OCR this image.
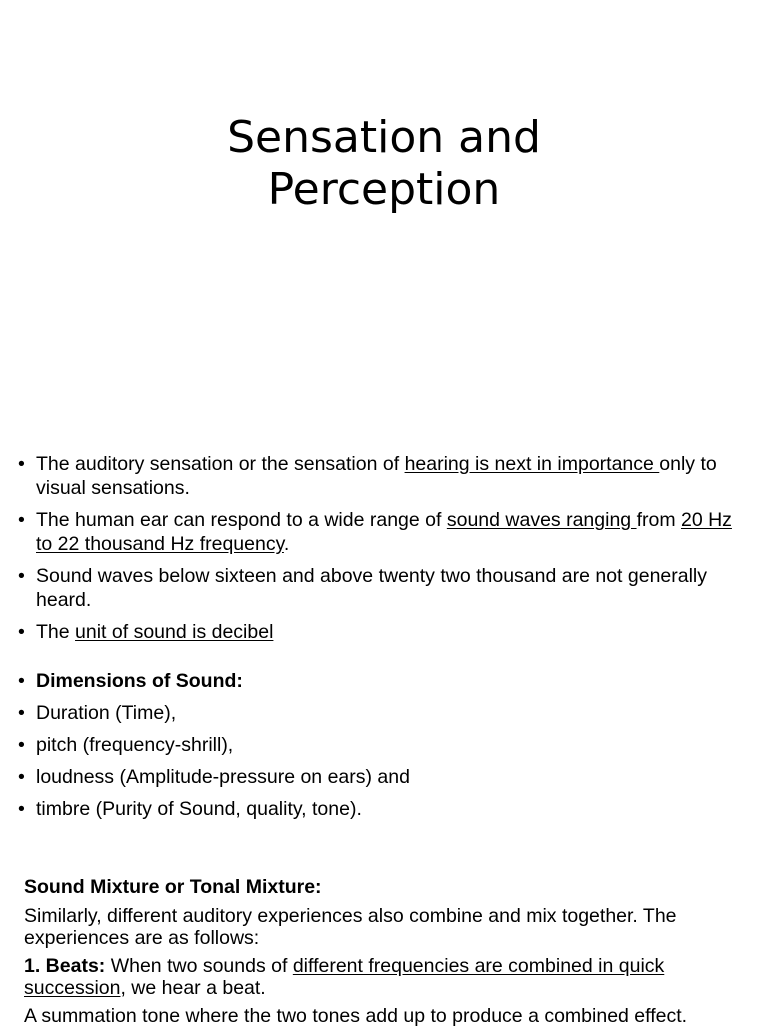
Sensation and
Perception
• The auditory sensation or the sensation of hearing is next in importance only to visual sensations.
• The human ear can respond to a wide range of sound waves ranging from 20 Hz to 22 thousand Hz frequency.
• Sound waves below sixteen and above twenty two thousand are not generally heard.
• The unit of sound is decibel
• Dimensions of Sound:
• Duration (Time),
• pitch (frequency-shrill),
• loudness (Amplitude-pressure on ears) and
• timbre (Purity of Sound, quality, tone).

Sound Mixture or Tonal Mixture:

Similarly, different auditory experiences also combine and mix together. The experiences are as follows:

1. Beats: When two sounds of different frequencies are combined in quick succession, we hear a beat.

A summation tone where the two tones add up to produce a combined effect.
